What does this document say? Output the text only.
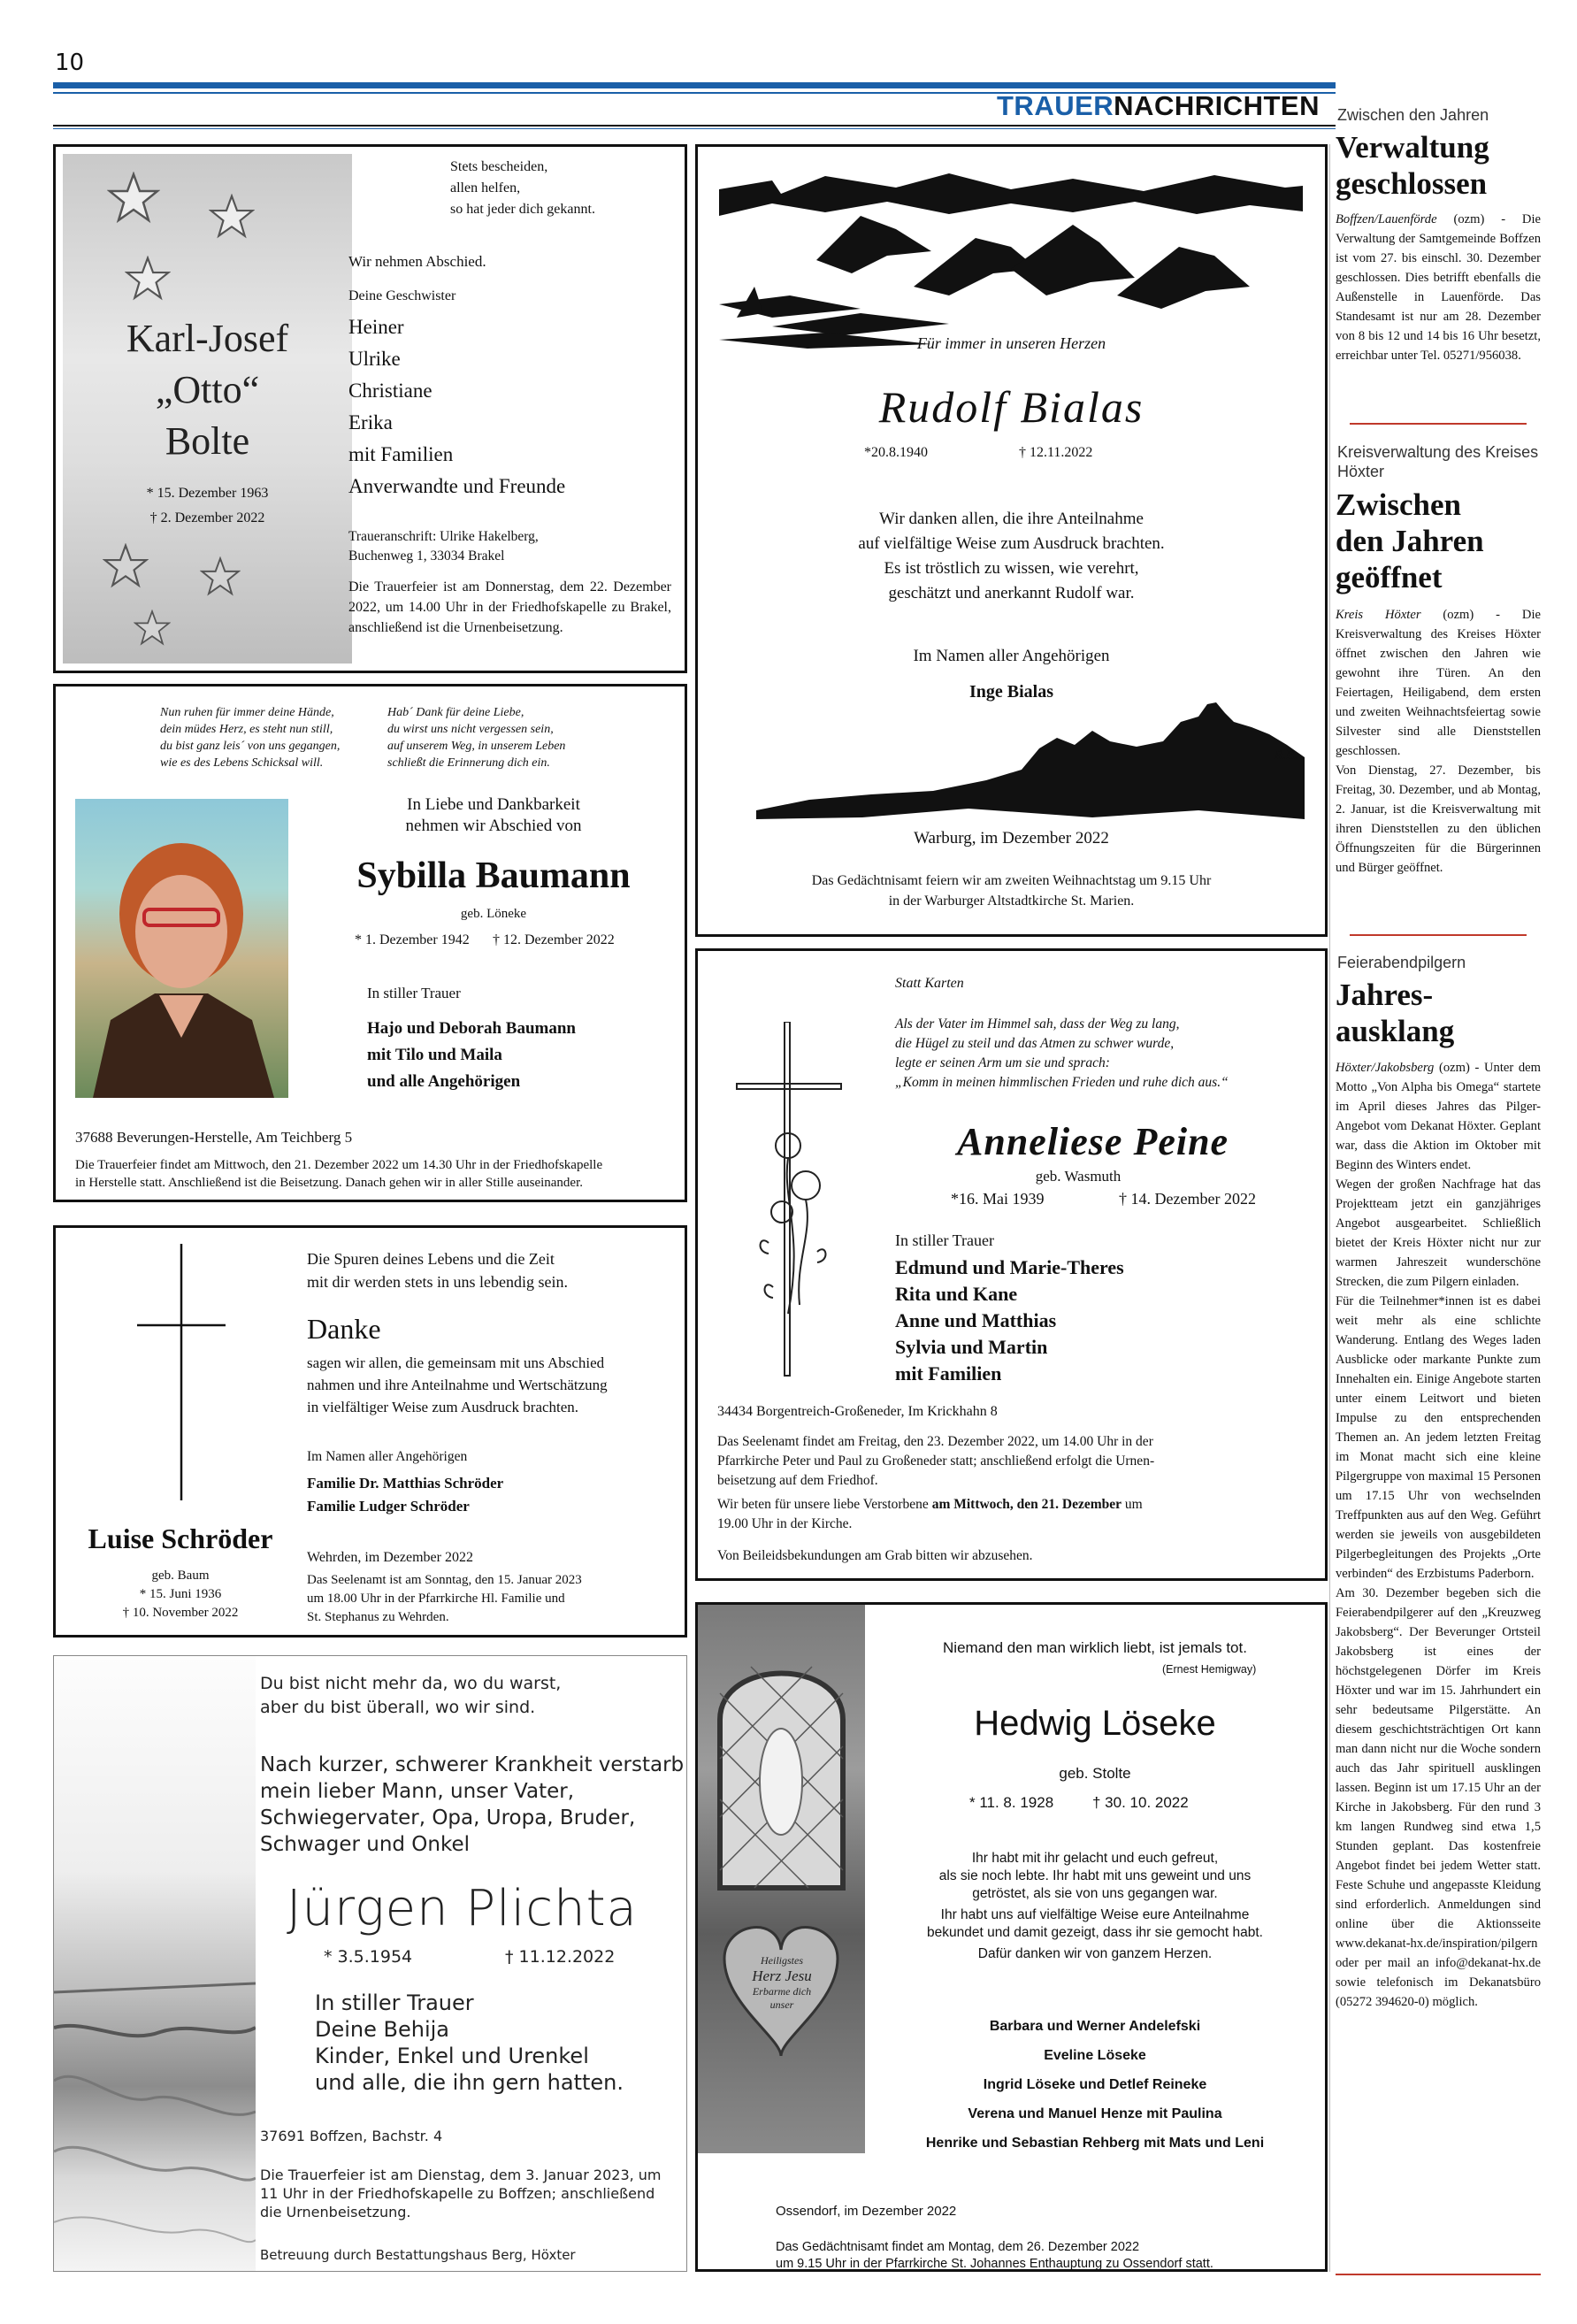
10
TRAUERNACHRICHTEN
Karl-Josef
„Otto“
Bolte
* 15. Dezember 1963
† 2. Dezember 2022
Stets bescheiden,
allen helfen,
so hat jeder dich gekannt.
Wir nehmen Abschied.
Deine Geschwister
Heiner
Ulrike
Christiane
Erika
mit Familien
Anverwandte und Freunde
Traueranschrift: Ulrike Hakelberg,
Buchenweg 1, 33034 Brakel
Die Trauerfeier ist am Donnerstag, dem 22. Dezember 2022, um 14.00 Uhr in der Friedhofskapelle zu Brakel, anschließend ist die Urnenbeisetzung.
Für immer in unseren Herzen
Rudolf Bialas
*20.8.1940	† 12.11.2022
Wir danken allen, die ihre Anteilnahme
auf vielfältige Weise zum Ausdruck brachten.
Es ist tröstlich zu wissen, wie verehrt,
geschätzt und anerkannt Rudolf war.
Im Namen aller Angehörigen
Inge Bialas
R.B.
Warburg, im Dezember 2022
Das Gedächtnisamt feiern wir am zweiten Weihnachtstag um 9.15 Uhr
in der Warburger Altstadtkirche St. Marien.
Nun ruhen für immer deine Hände,
dein müdes Herz, es steht nun still,
du bist ganz leis´ von uns gegangen,
wie es des Lebens Schicksal will.
Hab´ Dank für deine Liebe,
du wirst uns nicht vergessen sein,
auf unserem Weg, in unserem Leben
schließt die Erinnerung dich ein.
In Liebe und Dankbarkeit
nehmen wir Abschied von
Sybilla Baumann
geb. Löneke
* 1. Dezember 1942 † 12. Dezember 2022
In stiller Trauer
Hajo und Deborah Baumann
mit Tilo und Maila
und alle Angehörigen
37688 Beverungen-Herstelle, Am Teichberg 5
Die Trauerfeier findet am Mittwoch, den 21. Dezember 2022 um 14.30 Uhr in der Friedhofskapelle
in Herstelle statt. Anschließend ist die Beisetzung. Danach gehen wir in aller Stille auseinander.
Statt Karten
Als der Vater im Himmel sah, dass der Weg zu lang,
die Hügel zu steil und das Atmen zu schwer wurde,
legte er seinen Arm um sie und sprach:
„Komm in meinen himmlischen Frieden und ruhe dich aus.“
Anneliese Peine
geb. Wasmuth
*16. Mai 1939	† 14. Dezember 2022
In stiller Trauer
Edmund und Marie-Theres
Rita und Kane
Anne und Matthias
Sylvia und Martin
mit Familien
34434 Borgentreich-Großeneder, Im Krickhahn 8
Das Seelenamt findet am Freitag, den 23. Dezember 2022, um 14.00 Uhr in der
Pfarrkirche Peter und Paul zu Großeneder statt; anschließend erfolgt die Urnen-
beisetzung auf dem Friedhof.
Wir beten für unsere liebe Verstorbene am Mittwoch, den 21. Dezember um
19.00 Uhr in der Kirche.
Von Beileidsbekundungen am Grab bitten wir abzusehen.
Die Spuren deines Lebens und die Zeit
mit dir werden stets in uns lebendig sein.
Danke
sagen wir allen, die gemeinsam mit uns Abschied
nahmen und ihre Anteilnahme und Wertschätzung
in vielfältiger Weise zum Ausdruck brachten.
Im Namen aller Angehörigen
Familie Dr. Matthias Schröder
Familie Ludger Schröder
Wehrden, im Dezember 2022
Das Seelenamt ist am Sonntag, den 15. Januar 2023
um 18.00 Uhr in der Pfarrkirche Hl. Familie und
St. Stephanus zu Wehrden.
Luise Schröder
geb. Baum
* 15. Juni 1936
† 10. November 2022
Du bist nicht mehr da, wo du warst,
aber du bist überall, wo wir sind.
Nach kurzer, schwerer Krankheit verstarb
mein lieber Mann, unser Vater,
Schwiegervater, Opa, Uropa, Bruder,
Schwager und Onkel
Jürgen Plichta
* 3.5.1954	† 11.12.2022
In stiller Trauer
Deine Behija
Kinder, Enkel und Urenkel
und alle, die ihn gern hatten.
37691 Boffzen, Bachstr. 4
Die Trauerfeier ist am Dienstag, dem 3. Januar 2023, um
11 Uhr in der Friedhofskapelle zu Boffzen; anschließend
die Urnenbeisetzung.
Betreuung durch Bestattungshaus Berg, Höxter
Heiligstes
Herz Jesu
Erbarme dich
unser
Niemand den man wirklich liebt, ist jemals tot.
(Ernest Hemigway)
Hedwig Löseke
geb. Stolte
* 11. 8. 1928	† 30. 10. 2022
Ihr habt mit ihr gelacht und euch gefreut,
als sie noch lebte. Ihr habt mit uns geweint und uns
getröstet, als sie von uns gegangen war.
Ihr habt uns auf vielfältige Weise eure Anteilnahme
bekundet und damit gezeigt, dass ihr sie gemocht habt.
Dafür danken wir von ganzem Herzen.
Barbara und Werner Andelefski
Eveline Löseke
Ingrid Löseke und Detlef Reineke
Verena und Manuel Henze mit Paulina
Henrike und Sebastian Rehberg mit Mats und Leni
Ossendorf, im Dezember 2022
Das Gedächtnisamt findet am Montag, dem 26. Dezember 2022
um 9.15 Uhr in der Pfarrkirche St. Johannes Enthauptung zu Ossendorf statt.
Zwischen den Jahren
Verwaltung
geschlossen

Boffzen/Lauenförde (ozm) - Die Verwaltung der Samtgemeinde Boffzen ist vom 27. bis einschl. 30. Dezember geschlossen. Dies betrifft ebenfalls die Außenstelle in Lauenförde. Das Standesamt ist nur am 28. Dezember von 8 bis 12 und 14 bis 16 Uhr besetzt, erreichbar unter Tel. 05271/956038.

Kreisverwaltung des Kreises Höxter
Zwischen
den Jahren
geöffnet

Kreis Höxter (ozm) - Die Kreisverwaltung des Kreises Höxter öffnet zwischen den Jahren wie gewohnt ihre Türen. An den Feiertagen, Heiligabend, dem ersten und zweiten Weihnachtsfeiertag sowie Silvester sind alle Dienststellen geschlossen.

Von Dienstag, 27. Dezember, bis Freitag, 30. Dezember, und ab Montag, 2. Januar, ist die Kreisverwaltung mit ihren Dienststellen zu den üblichen Öffnungszeiten für die Bürgerinnen und Bürger geöffnet.

Feierabendpilgern
Jahres-
ausklang

Höxter/Jakobsberg (ozm) - Unter dem Motto „Von Alpha bis Omega“ startete im April dieses Jahres das Pilger-Angebot vom Dekanat Höxter. Geplant war, dass die Aktion im Oktober mit Beginn des Winters endet.

Wegen der großen Nachfrage hat das Projektteam jetzt ein ganzjähriges Angebot ausgearbeitet. Schließlich bietet der Kreis Höxter nicht nur zur warmen Jahreszeit wunderschöne Strecken, die zum Pilgern einladen.

Für die Teilnehmer*innen ist es dabei weit mehr als eine schlichte Wanderung. Entlang des Weges laden Ausblicke oder markante Punkte zum Innehalten ein. Einige Angebote starten unter einem Leitwort und bieten Impulse zu den entsprechenden Themen an. An jedem letzten Freitag im Monat macht sich eine kleine Pilgergruppe von maximal 15 Personen um 17.15 Uhr von wechselnden Treffpunkten aus auf den Weg. Geführt werden sie jeweils von ausgebildeten Pilgerbegleitungen des Projekts „Orte verbinden“ des Erzbistums Paderborn.

Am 30. Dezember begeben sich die Feierabendpilgerer auf den „Kreuzweg Jakobsberg“. Der Beverunger Ortsteil Jakobsberg ist eines der höchstgelegenen Dörfer im Kreis Höxter und war im 15. Jahrhundert ein sehr bedeutsame Pilgerstätte. An diesem geschichtsträchtigen Ort kann man dann nicht nur die Woche sondern auch das Jahr spirituell ausklingen lassen. Beginn ist um 17.15 Uhr an der Kirche in Jakobsberg. Für den rund 3 km langen Rundweg sind etwa 1,5 Stunden geplant. Das kostenfreie Angebot findet bei jedem Wetter statt. Feste Schuhe und angepasste Kleidung sind erforderlich. Anmeldungen sind online über die Aktionsseite www.dekanat-hx.de/inspiration/pilgern oder per mail an info@dekanat-hx.de sowie telefonisch im Dekanatsbüro (05272 394620-0) möglich.
